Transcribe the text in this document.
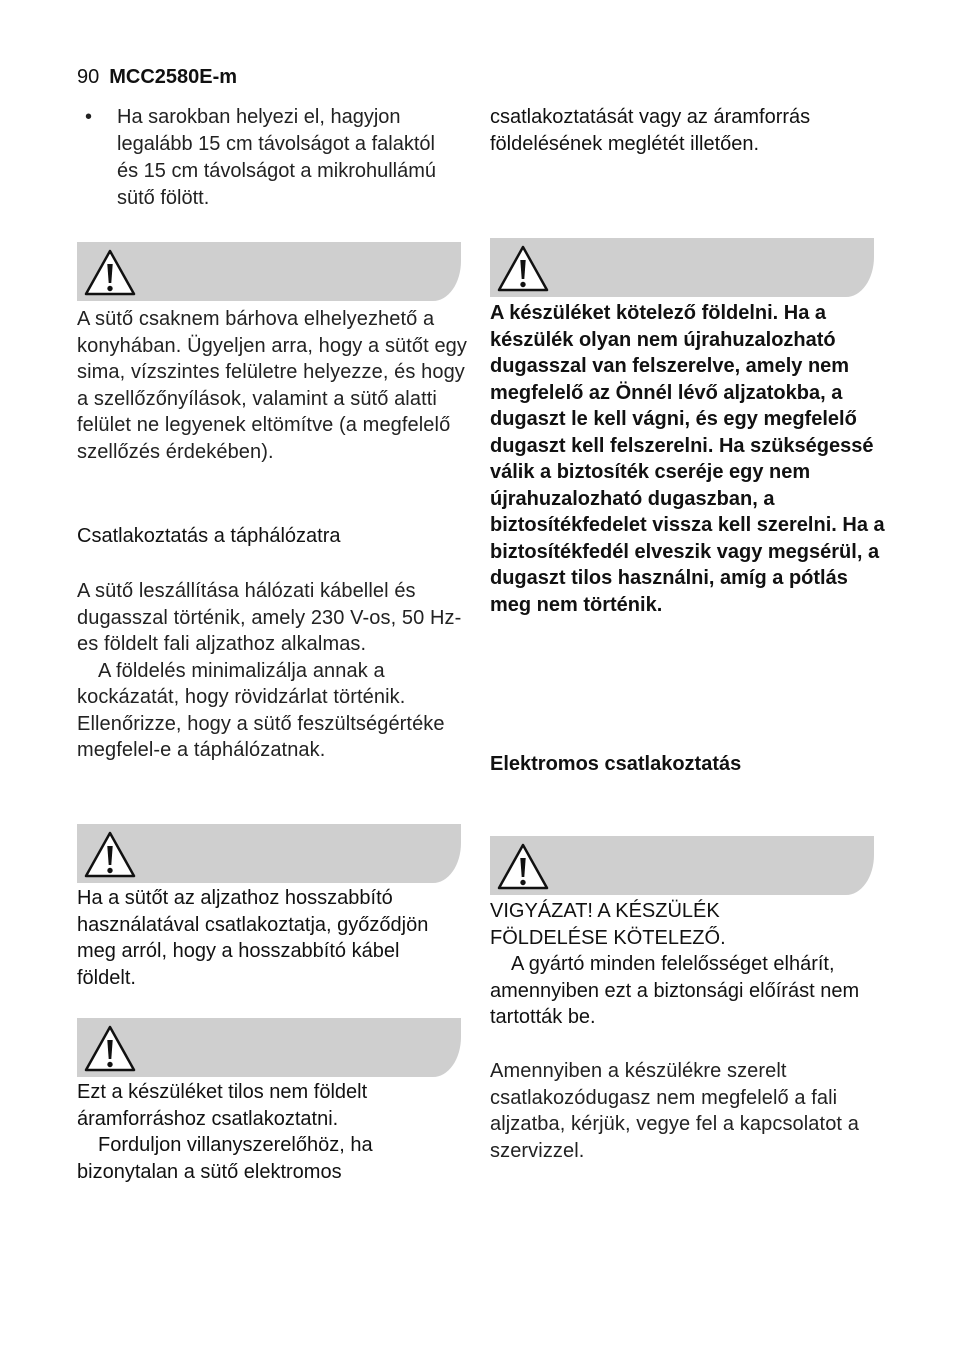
90 MCC2580E-m
• Ha sarokban helyezi el, hagyjon legalább 15 cm távolságot a falaktól és 15 cm távolságot a mikrohullámú sütő fölött.
A sütő csaknem bárhova elhelyezhető a konyhában. Ügyeljen arra, hogy a sütőt egy sima, vízszintes felületre helyezze, és hogy a szellőzőnyílások, valamint a sütő alatti felület ne legyenek eltömítve (a megfelelő szellőzés érdekében).
Csatlakoztatás a táphálózatra

A sütő leszállítása hálózati kábellel és dugasszal történik, amely 230 V-os, 50 Hz-es földelt fali aljzathoz alkalmas.

A földelés minimalizálja annak a kockázatát, hogy rövidzárlat történik. Ellenőrizze, hogy a sütő feszültségértéke megfelel-e a táphálózatnak.

Ha a sütőt az aljzathoz hosszabbító használatával csatlakoztatja, győződjön meg arról, hogy a hosszabbító kábel földelt.

Ezt a készüléket tilos nem földelt áramforráshoz csatlakoztatni.

Forduljon villanyszerelőhöz, ha bizonytalan a sütő elektromos

csatlakoztatását vagy az áramforrás földelésének meglétét illetően.
A készüléket kötelező földelni. Ha a készülék olyan nem újrahuzalozható dugasszal van felszerelve, amely nem megfelelő az Önnél lévő aljzatokba, a dugaszt le kell vágni, és egy megfelelő dugaszt kell felszerelni. Ha szükségessé válik a biztosíték cseréje egy nem újrahuzalozható dugaszban, a biztosítékfedelet vissza kell szerelni. Ha a biztosítékfedél elveszik vagy megsérül, a dugaszt tilos használni, amíg a pótlás meg nem történik.
Elektromos csatlakoztatás

VIGYÁZAT! A KÉSZÜLÉK

FÖLDELÉSE KÖTELEZŐ.

A gyártó minden felelősséget elhárít, amennyiben ezt a biztonsági előírást nem tartották be.

Amennyiben a készülékre szerelt csatlakozódugasz nem megfelelő a fali aljzatba, kérjük, vegye fel a kapcsolatot a szervizzel.
